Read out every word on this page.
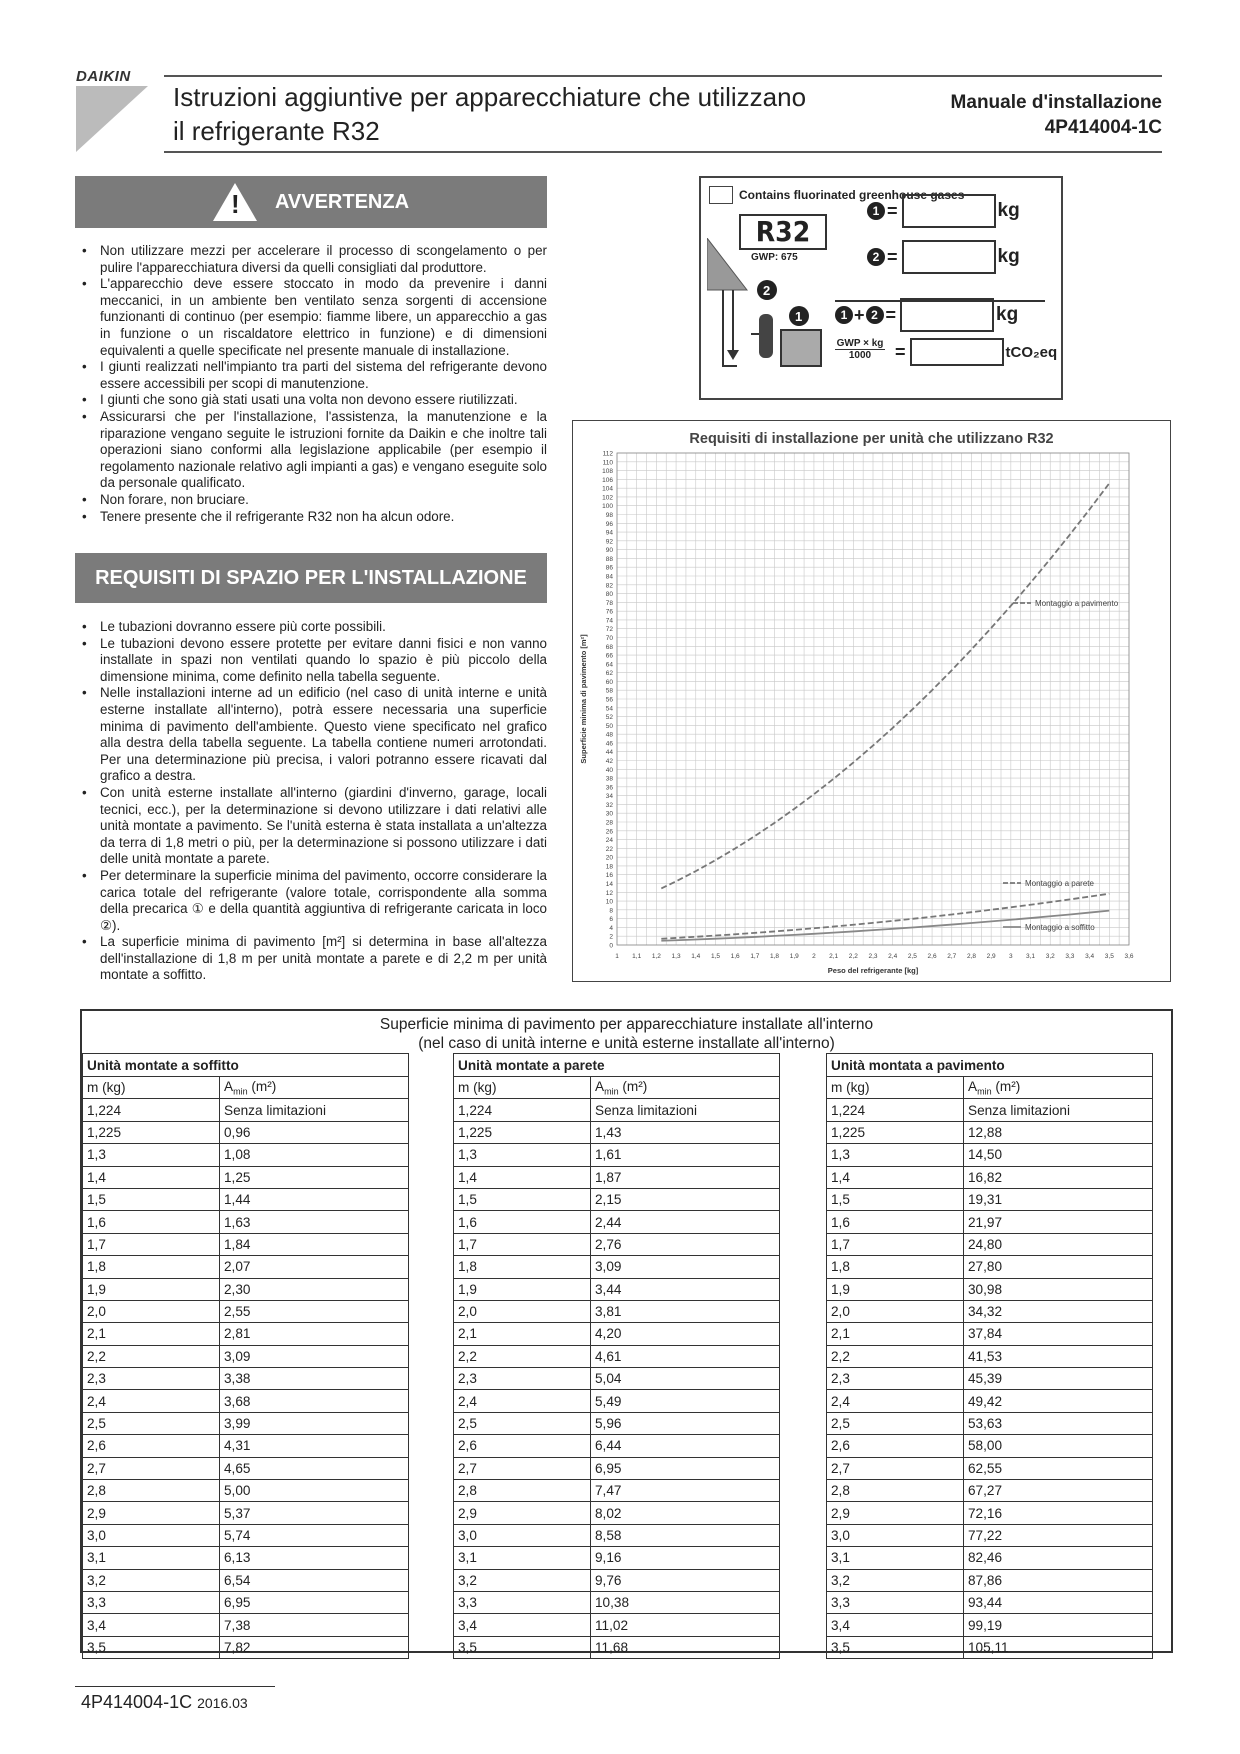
DAIKIN
Istruzioni aggiuntive per apparecchiature che utilizzano
il refrigerante R32
Manuale d'installazione
4P414004-1C
! AVVERTENZA
• Non utilizzare mezzi per accelerare il processo di scongelamento o per pulire l'apparecchiatura diversi da quelli consigliati dal produttore.
• L'apparecchio deve essere stoccato in modo da prevenire i danni meccanici, in un ambiente ben ventilato senza sorgenti di accensione funzionanti di continuo (per esempio: fiamme libere, un apparecchio a gas in funzione o un riscaldatore elettrico in funzione) e di dimensioni equivalenti a quelle specificate nel presente manuale di installazione.
• I giunti realizzati nell'impianto tra parti del sistema del refrigerante devono essere accessibili per scopi di manutenzione.
• I giunti che sono già stati usati una volta non devono essere riutilizzati.
• Assicurarsi che per l'installazione, l'assistenza, la manutenzione e la riparazione vengano seguite le istruzioni fornite da Daikin e che inoltre tali operazioni siano conformi alla legislazione applicabile (per esempio il regolamento nazionale relativo agli impianti a gas) e vengano eseguite solo da personale qualificato.
• Non forare, non bruciare.
• Tenere presente che il refrigerante R32 non ha alcun odore.
REQUISITI DI SPAZIO PER L'INSTALLAZIONE
• Le tubazioni dovranno essere più corte possibili.
• Le tubazioni devono essere protette per evitare danni fisici e non vanno installate in spazi non ventilati quando lo spazio è più piccolo della dimensione minima, come definito nella tabella seguente.
• Nelle installazioni interne ad un edificio (nel caso di unità interne e unità esterne installate all'interno), potrà essere necessaria una superficie minima di pavimento dell'ambiente. Questo viene specificato nel grafico alla destra della tabella seguente. La tabella contiene numeri arrotondati. Per una determinazione più precisa, i valori potranno essere ricavati dal grafico a destra.
• Con unità esterne installate all'interno (giardini d'inverno, garage, locali tecnici, ecc.), per la determinazione si devono utilizzare i dati relativi alle unità montate a pavimento. Se l'unità esterna è stata installata a un'altezza da terra di 1,8 metri o più, per la determinazione si possono utilizzare i dati delle unità montate a parete.
• Per determinare la superficie minima del pavimento, occorre considerare la carica totale del refrigerante (valore totale, corrispondente alla somma della precarica ① e della quantità aggiuntiva di refrigerante caricata in loco ②).
• La superficie minima di pavimento [m²] si determina in base all'altezza dell'installazione di 1,8 m per unità montate a parete e di 2,2 m per unità montate a soffitto.
Contains fluorinated greenhouse gases
R32
GWP: 675
2
1
1 =	kg
2 =	kg
1 + 2 =	kg
GWP × kg
1000	=	tCO₂eq
Requisiti di installazione per unità che utilizzano R32
0
2
4
6
8
10
12
14
16
18
20
22
24
26
28
30
32
34
36
38
40
42
44
46
48
50
52
54
56
58
60
62
64
66
68
70
72
74
76
78
80
82
84
86
88
90
92
94
96
98
100
102
104
106
108
110
112
1 1,1 1,2 1,3 1,4 1,5 1,6 1,7 1,8 1,9 2 2,1 2,2 2,3 2,4 2,5 2,6 2,7 2,8 2,9 3 3,1 3,2 3,3 3,4 3,5 3,6
Peso del refrigerante [kg]
Superficie minima di pavimento [m²]
Montaggio a pavimento
Montaggio a parete
Montaggio a soffitto
Superficie minima di pavimento per apparecchiature installate all'interno
(nel caso di unità interne e unità esterne installate all'interno)
Unità montate a soffitto	
m (kg)	$A_{min}$ (m²)
1,224	Senza limitazioni
1,225	0,96
1,3	1,08
1,4	1,25
1,5	1,44
1,6	1,63
1,7	1,84
1,8	2,07
1,9	2,30
2,0	2,55
2,1	2,81
2,2	3,09
2,3	3,38
2,4	3,68
2,5	3,99
2,6	4,31
2,7	4,65
2,8	5,00
2,9	5,37
3,0	5,74
3,1	6,13
3,2	6,54
3,3	6,95
3,4	7,38
3,5	7,82
Unità montate a parete	
m (kg)	$A_{min}$ (m²)
1,224	Senza limitazioni
1,225	1,43
1,3	1,61
1,4	1,87
1,5	2,15
1,6	2,44
1,7	2,76
1,8	3,09
1,9	3,44
2,0	3,81
2,1	4,20
2,2	4,61
2,3	5,04
2,4	5,49
2,5	5,96
2,6	6,44
2,7	6,95
2,8	7,47
2,9	8,02
3,0	8,58
3,1	9,16
3,2	9,76
3,3	10,38
3,4	11,02
3,5	11,68
Unità montata a pavimento	
m (kg)	$A_{min}$ (m²)
1,224	Senza limitazioni
1,225	12,88
1,3	14,50
1,4	16,82
1,5	19,31
1,6	21,97
1,7	24,80
1,8	27,80
1,9	30,98
2,0	34,32
2,1	37,84
2,2	41,53
2,3	45,39
2,4	49,42
2,5	53,63
2,6	58,00
2,7	62,55
2,8	67,27
2,9	72,16
3,0	77,22
3,1	82,46
3,2	87,86
3,3	93,44
3,4	99,19
3,5	105,11
4P414004-1C 2016.03
